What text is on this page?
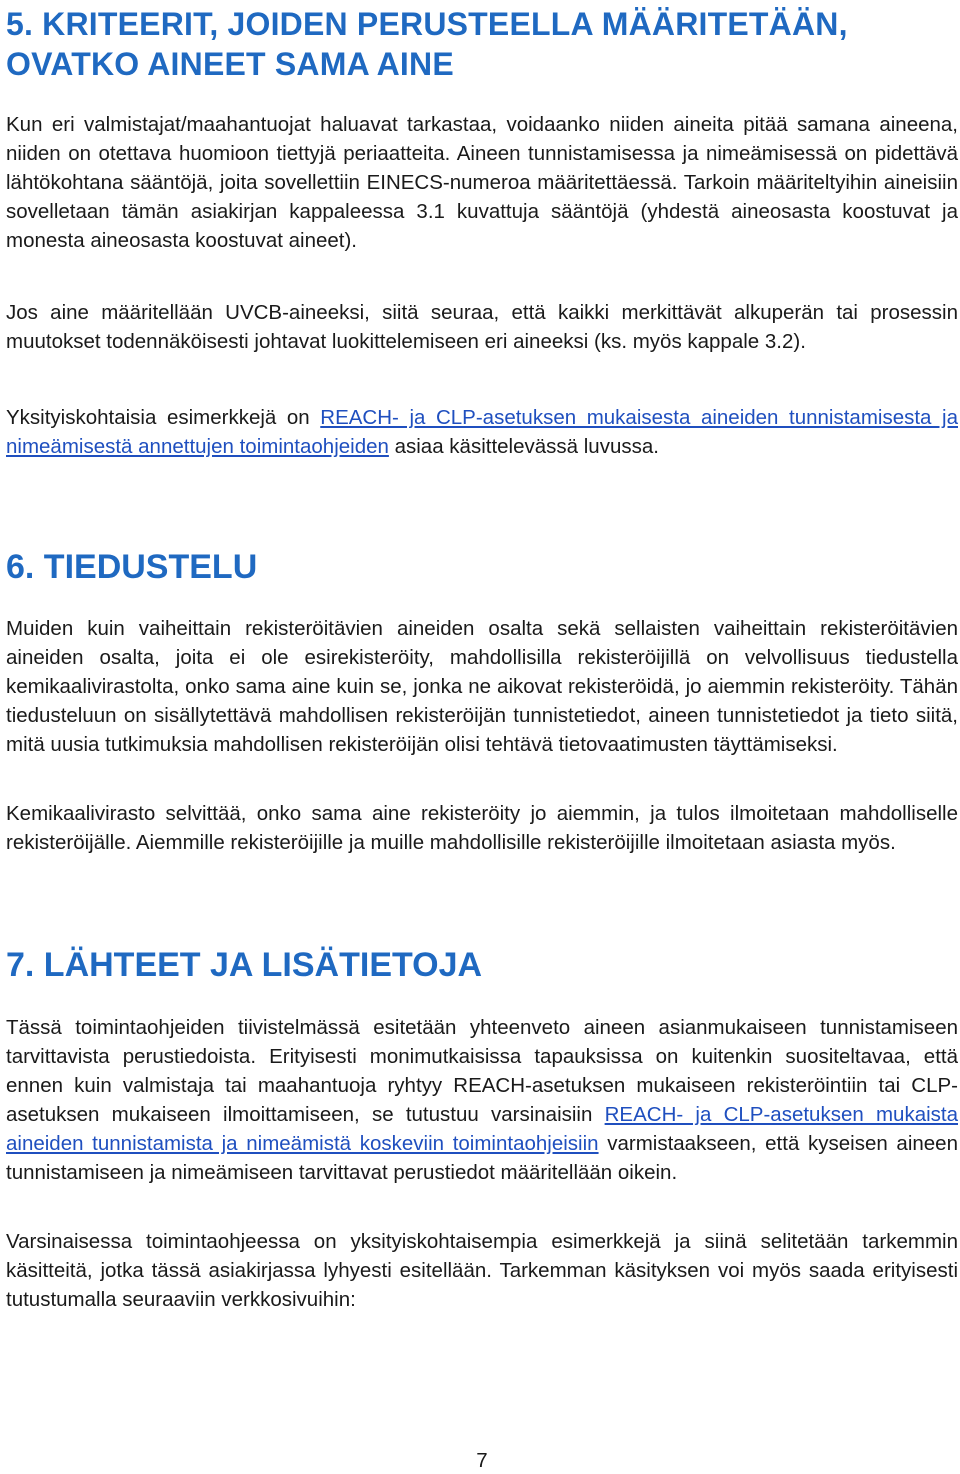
5. KRITEERIT, JOIDEN PERUSTEELLA MÄÄRITETÄÄN, OVATKO AINEET SAMA AINE

Kun eri valmistajat/maahantuojat haluavat tarkastaa, voidaanko niiden aineita pitää samana aineena, niiden on otettava huomioon tiettyjä periaatteita. Aineen tunnistamisessa ja nimeämisessä on pidettävä lähtökohtana sääntöjä, joita sovellettiin EINECS-numeroa määritettäessä. Tarkoin määriteltyihin aineisiin sovelletaan tämän asiakirjan kappaleessa 3.1 kuvattuja sääntöjä (yhdestä aineosasta koostuvat ja monesta aineosasta koostuvat aineet).

Jos aine määritellään UVCB-aineeksi, siitä seuraa, että kaikki merkittävät alkuperän tai prosessin muutokset todennäköisesti johtavat luokittelemiseen eri aineeksi (ks. myös kappale 3.2).

Yksityiskohtaisia esimerkkejä on REACH- ja CLP-asetuksen mukaisesta aineiden tunnistamisesta ja nimeämisestä annettujen toimintaohjeiden asiaa käsittelevässä luvussa.

6. TIEDUSTELU

Muiden kuin vaiheittain rekisteröitävien aineiden osalta sekä sellaisten vaiheittain rekisteröitävien aineiden osalta, joita ei ole esirekisteröity, mahdollisilla rekisteröijillä on velvollisuus tiedustella kemikaalivirastolta, onko sama aine kuin se, jonka ne aikovat rekisteröidä, jo aiemmin rekisteröity. Tähän tiedusteluun on sisällytettävä mahdollisen rekisteröijän tunnistetiedot, aineen tunnistetiedot ja tieto siitä, mitä uusia tutkimuksia mahdollisen rekisteröijän olisi tehtävä tietovaatimusten täyttämiseksi.

Kemikaalivirasto selvittää, onko sama aine rekisteröity jo aiemmin, ja tulos ilmoitetaan mahdolliselle rekisteröijälle. Aiemmille rekisteröijille ja muille mahdollisille rekisteröijille ilmoitetaan asiasta myös.

7. LÄHTEET JA LISÄTIETOJA

Tässä toimintaohjeiden tiivistelmässä esitetään yhteenveto aineen asianmukaiseen tunnistamiseen tarvittavista perustiedoista. Erityisesti monimutkaisissa tapauksissa on kuitenkin suositeltavaa, että ennen kuin valmistaja tai maahantuoja ryhtyy REACH-asetuksen mukaiseen rekisteröintiin tai CLP-asetuksen mukaiseen ilmoittamiseen, se tutustuu varsinaisiin REACH- ja CLP-asetuksen mukaista aineiden tunnistamista ja nimeämistä koskeviin toimintaohjeisiin varmistaakseen, että kyseisen aineen tunnistamiseen ja nimeämiseen tarvittavat perustiedot määritellään oikein.

Varsinaisessa toimintaohjeessa on yksityiskohtaisempia esimerkkejä ja siinä selitetään tarkemmin käsitteitä, jotka tässä asiakirjassa lyhyesti esitellään. Tarkemman käsityksen voi myös saada erityisesti tutustumalla seuraaviin verkkosivuihin:

7
